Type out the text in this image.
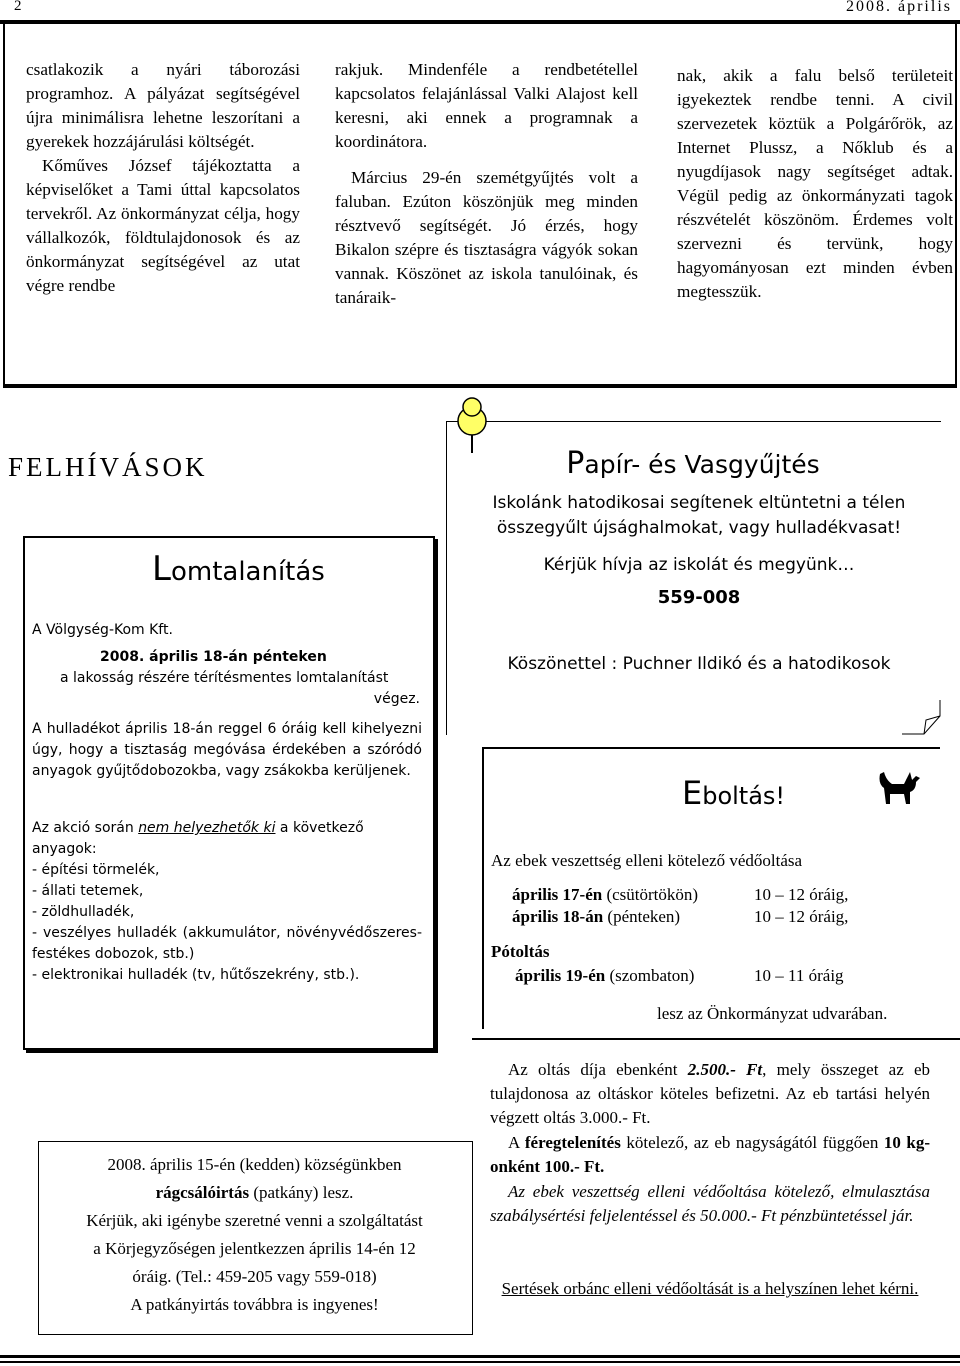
2	2008. április

csatlakozik a nyári táborozási programhoz. A pályázat segítségével újra minimálisra lehetne leszorítani a gyerekek hozzájárulási költségét.

Kőműves József tájékoztatta a képviselőket a Tami úttal kapcsolatos tervekről. Az önkormányzat célja, hogy vállalkozók, földtulajdonosok és az önkormányzat segítségével az utat végre rendbe

rakjuk. Mindenféle a rendbetétellel kapcsolatos felajánlással Valki Alajost kell keresni, aki ennek a programnak a koordinátora.

Március 29-én szemétgyűjtés volt a faluban. Ezúton köszönjük meg minden résztvevő segítségét. Jó érzés, hogy Bikalon szépre és tisztaságra vágyók sokan vannak. Köszönet az iskola tanulóinak, és tanáraik-

nak, akik a falu belső területeit igyekeztek rendbe tenni. A civil szervezetek köztük a Polgárőrök, az Internet Plussz, a Nőklub és a nyugdíjasok nagy segítséget adtak. Végül pedig az önkormányzati tagok részvételét köszönöm. Érdemes volt szervezni és tervünk, hogy hagyományosan ezt minden évben megtesszük.

FELHÍVÁSOK
Lomtalanítás
A Völgység-Kom Kft.
2008. április 18-án pénteken
a lakosság részére térítésmentes lomtalanítást
végez.
A hulladékot április 18-án reggel 6 óráig kell kihelyezni úgy, hogy a tisztaság megóvása érdekében a szóródó anyagok gyűjtődobozokba, vagy zsákokba kerüljenek.
Az akció során nem helyezhetők ki a következő anyagok:
- építési törmelék,
- állati tetemek,
- zöldhulladék,
- veszélyes hulladék (akkumulátor, növényvédőszeres-festékes dobozok, stb.)
- elektronikai hulladék (tv, hűtőszekrény, stb.).
Papír- és Vasgyűjtés
Iskolánk hatodikosai segítenek eltüntetni a télen
összegyűlt újsághalmokat, vagy hulladékvasat!
Kérjük hívja az iskolát és megyünk…
559-008
Köszönettel : Puchner Ildikó és a hatodikosok
Eboltás!
Az ebek veszettség elleni kötelező védőoltása
április 17-én (csütörtökön)	10 – 12 óráig,
április 18-án (pénteken)	10 – 12 óráig,
Pótoltás
április 19-én (szombaton)	10 – 11 óráig
lesz az Önkormányzat udvarában.
Az oltás díja ebenként 2.500.- Ft, mely összeget az eb tulajdonosa az oltáskor köteles befizetni. Az eb tartási helyén végzett oltás 3.000.- Ft.
A féregtelenítés kötelező, az eb nagyságától függően 10 kg-onként 100.- Ft.
Az ebek veszettség elleni védőoltása kötelező, elmulasztása szabálysértési feljelentéssel és 50.000.- Ft pénzbüntetéssel jár.
Sertések orbánc elleni védőoltását is a helyszínen lehet kérni.
2008. április 15-én (kedden) községünkben
rágcsálóirtás (patkány) lesz.
Kérjük, aki igénybe szeretné venni a szolgáltatást
a Körjegyzőségen jelentkezzen április 14-én 12
óráig. (Tel.: 459-205 vagy 559-018)
A patkányirtás továbbra is ingyenes!
